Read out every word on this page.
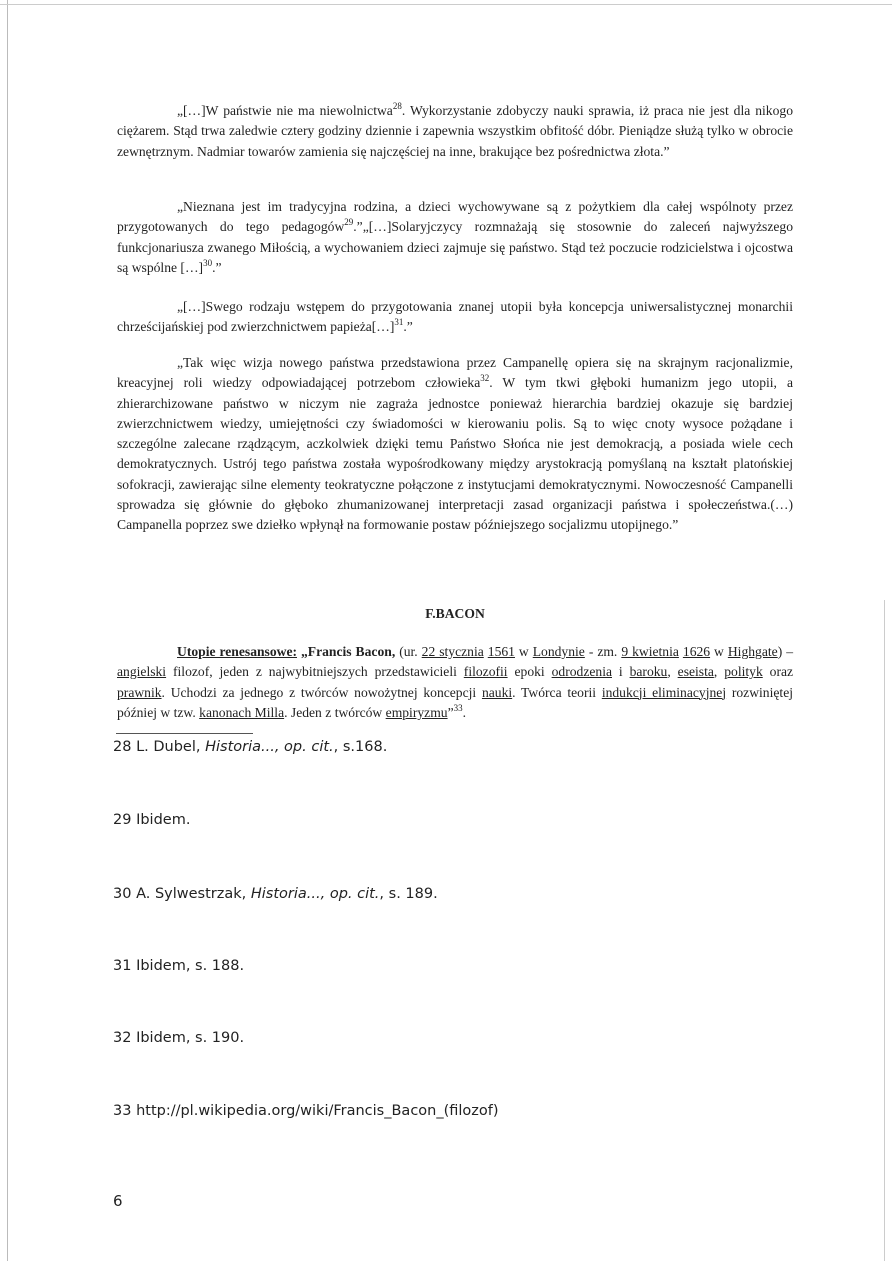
„[…]W państwie nie ma niewolnictwa$^{28}$. Wykorzystanie zdobyczy nauki sprawia, iż praca nie jest dla nikogo ciężarem. Stąd trwa zaledwie cztery godziny dziennie i zapewnia wszystkim obfitość dóbr. Pieniądze służą tylko w obrocie zewnętrznym. Nadmiar towarów zamienia się najczęściej na inne, brakujące bez pośrednictwa złota.”

„Nieznana jest im tradycyjna rodzina, a dzieci wychowywane są z pożytkiem dla całej wspólnoty przez przygotowanych do tego pedagogów$^{29}$.”„[…]Solaryjczycy rozmnażają się stosownie do zaleceń najwyższego funkcjonariusza zwanego Miłością, a wychowaniem dzieci zajmuje się państwo. Stąd też poczucie rodzicielstwa i ojcostwa są wspólne […]$^{30}$.”

„[…]Swego rodzaju wstępem do przygotowania znanej utopii była koncepcja uniwersalistycznej monarchii chrześcijańskiej pod zwierzchnictwem papieża[…]$^{31}$.”

„Tak więc wizja nowego państwa przedstawiona przez Campanellę opiera się na skrajnym racjonalizmie, kreacyjnej roli wiedzy odpowiadającej potrzebom człowieka$^{32}$. W tym tkwi głęboki humanizm jego utopii, a zhierarchizowane państwo w niczym nie zagraża jednostce ponieważ hierarchia bardziej okazuje się bardziej zwierzchnictwem wiedzy, umiejętności czy świadomości w kierowaniu polis. Są to więc cnoty wysoce pożądane i szczególne zalecane rządzącym, aczkolwiek dzięki temu Państwo Słońca nie jest demokracją, a posiada wiele cech demokratycznych. Ustrój tego państwa została wypośrodkowany między arystokracją pomyślaną na kształt platońskiej sofokracji, zawierając silne elementy teokratyczne połączone z instytucjami demokratycznymi. Nowoczesność Campanelli sprowadza się głównie do głęboko zhumanizowanej interpretacji zasad organizacji państwa i społeczeństwa.(…) Campanella poprzez swe dziełko wpłynął na formowanie postaw późniejszego socjalizmu utopijnego.”

F.BACON

Utopie renesansowe: „Francis Bacon, (ur. 22 stycznia 1561 w Londynie - zm. 9 kwietnia 1626 w Highgate) – angielski filozof, jeden z najwybitniejszych przedstawicieli filozofii epoki odrodzenia i baroku, eseista, polityk oraz prawnik. Uchodzi za jednego z twórców nowożytnej koncepcji nauki. Twórca teorii indukcji eliminacyjnej rozwiniętej później w tzw. kanonach Milla. Jeden z twórców empiryzmu”$^{33}$.

28 L. Dubel, Historia..., op. cit., s.168.
29 Ibidem.
30 A. Sylwestrzak, Historia..., op. cit., s. 189.
31 Ibidem, s. 188.
32 Ibidem, s. 190.
33 http://pl.wikipedia.org/wiki/Francis_Bacon_(filozof)
6
